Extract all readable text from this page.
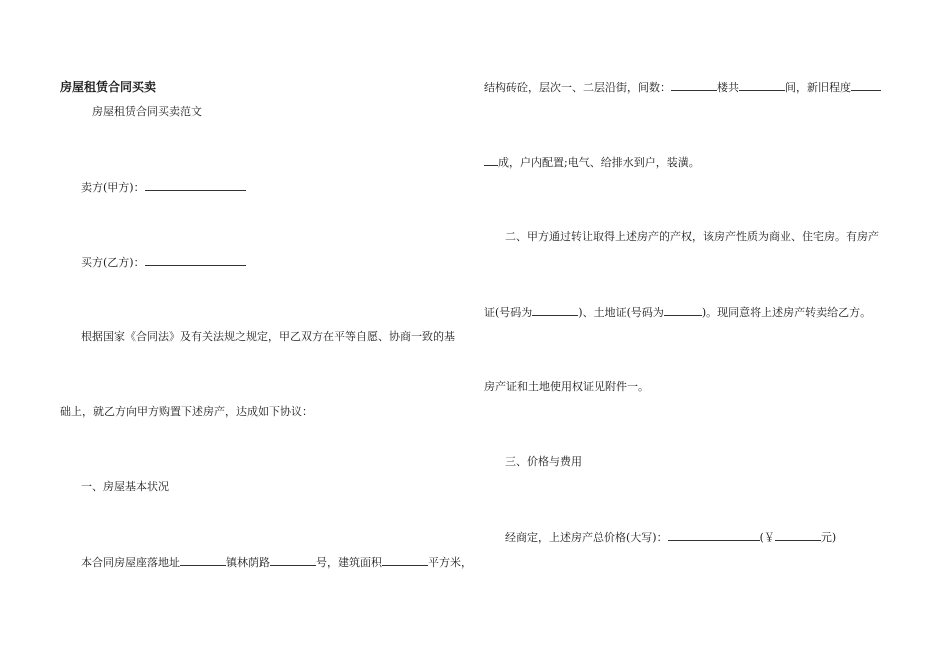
房屋租赁合同买卖
房屋租赁合同买卖范文
卖方(甲方)：
买方(乙方)：
根据国家《合同法》及有关法规之规定，甲乙双方在平等自愿、协商一致的基
础上，就乙方向甲方购置下述房产，达成如下协议：
一、房屋基本状况
本合同房屋座落地址	镇林荫路	号，建筑面积	平方米，
结构砖砼，层次一、二层沿街，间数：	楼共	间，新旧程度
成，户内配置;电气、给排水到户，装潢。
二、甲方通过转让取得上述房产的产权，该房产性质为商业、住宅房。有房产
证(号码为	)、土地证(号码为	)。现同意将上述房产转卖给乙方。
房产证和土地使用权证见附件一。
三、价格与费用
经商定，上述房产总价格(大写)：	(￥	元)
